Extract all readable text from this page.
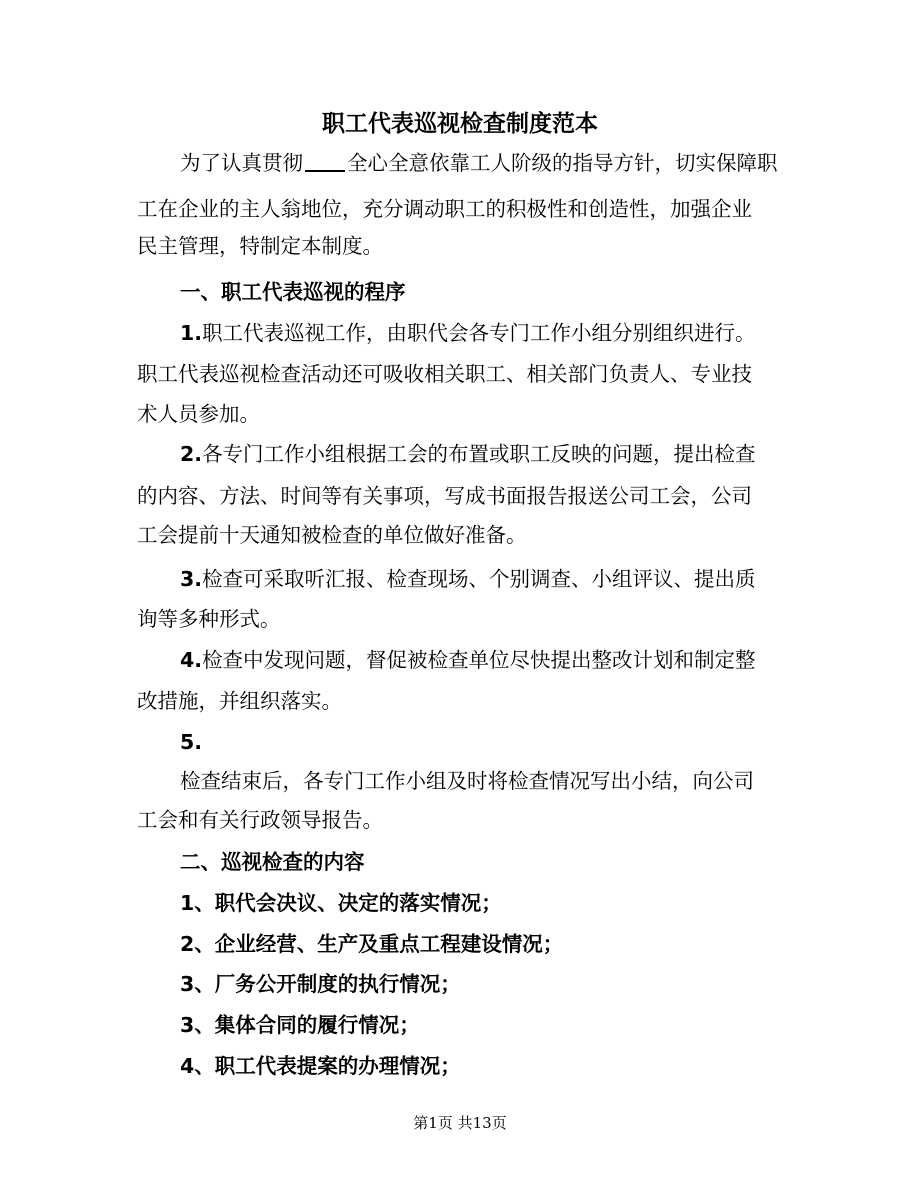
职工代表巡视检查制度范本
为了认真贯彻 全心全意依靠工人阶级的指导方针，切实保障职
工在企业的主人翁地位，充分调动职工的积极性和创造性，加强企业
民主管理，特制定本制度。
一、职工代表巡视的程序
1.职工代表巡视工作，由职代会各专门工作小组分别组织进行。
职工代表巡视检查活动还可吸收相关职工、相关部门负责人、专业技
术人员参加。
2.各专门工作小组根据工会的布置或职工反映的问题，提出检查
的内容、方法、时间等有关事项，写成书面报告报送公司工会，公司
工会提前十天通知被检查的单位做好准备。
3.检查可采取听汇报、检查现场、个别调查、小组评议、提出质
询等多种形式。
4.检查中发现问题，督促被检查单位尽快提出整改计划和制定整
改措施，并组织落实。
5.
检查结束后，各专门工作小组及时将检查情况写出小结，向公司
工会和有关行政领导报告。
二、巡视检查的内容
1、职代会决议、决定的落实情况；
2、企业经营、生产及重点工程建设情况；
3、厂务公开制度的执行情况；
3、集体合同的履行情况；
4、职工代表提案的办理情况；
第1页 共13页
